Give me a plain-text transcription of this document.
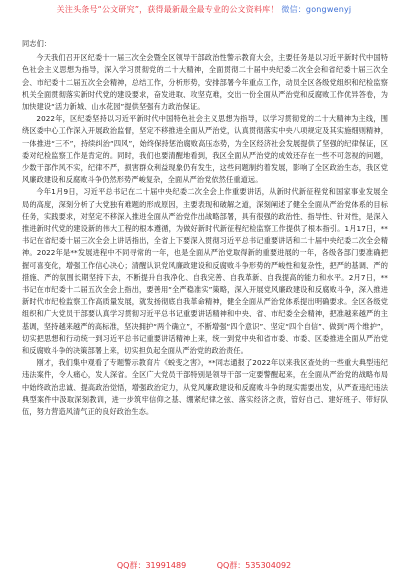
关注头条号“公文研究”，获得最新最全最专业的公文资料库！ 微信：gongwenyj

同志们：

今天我们召开区纪委十一届三次全会暨全区领导干部政治性警示教育大会，主要任务是以习近平新时代中国特色社会主义思想为指导，深入学习贯彻党的二十大精神，全面贯彻二十届中央纪委二次全会和省纪委十届三次全会、市纪委十二届五次全会精神，总结工作，分析形势，安排部署今年重点工作，动员全区各级党组织和纪检监察机关全面贯彻落实新时代党的建设要求，奋发进取、攻坚克难，交出一份全面从严治党和反腐败工作优异答卷，为加快建设“活力新城、山水花园”提供坚强有力政治保证。

2022年，区纪委坚持以习近平新时代中国特色社会主义思想为指导，以学习贯彻党的二十大精神为主线，围绕区委中心工作深入开展政治监督，坚定不移推进全面从严治党，认真贯彻落实中央八项规定及其实施细则精神，一体推进“三不”，持续纠治“四风”，始终保持惩治腐败高压态势，为全区经济社会发展提供了坚强的纪律保证，区委对纪检监察工作是肯定的。同时，我们也要清醒地看到，我区全面从严治党的成效还存在一些不可忽视的问题，少数干部作风不实，纪律不严，损害群众利益现象仍有发生，这些问题制约着发展，影响了全区政治生态，我区党风廉政建设和反腐败斗争仍然形势严峻复杂，全面从严治党依然任重道远。

今年1月9日，习近平总书记在二十届中央纪委二次全会上作重要讲话，从新时代新征程党和国家事业发展全局的高度，深刻分析了大党独有难题的形成原因，主要表现和破解之道，深刻阐述了健全全面从严治党体系的目标任务，实践要求，对坚定不移深入推进全面从严治党作出战略部署，具有很强的政治性、指导性、针对性，是深入推进新时代党的建设新的伟大工程的根本遵循，为做好新时代新征程纪检监察工作提供了根本指引。1月17日，**书记在省纪委十届三次全会上讲话指出，全省上下要深入贯彻习近平总书记重要讲话和二十届中央纪委二次全会精神。2022年是**发展进程中不同寻常的一年，也是全面从严治党取得新的重要进展的一年，各级各部门要准确把握可喜变化，增强工作信心决心；清醒认识党风廉政建设和反腐败斗争形势的严峻性和复杂性，把严的基调、严的措施、严的氛围长期坚持下去，不断提升自我净化、自我完善、自我革新、自我提高的能力和水平。2月7日，**书记在市纪委十二届五次全会上指出，要善用“全严稳准实”策略，深入开展党风廉政建设和反腐败斗争，深入推进新时代市纪检监察工作高质量发展，就发扬彻底自我革命精神，健全全面从严治党体系提出明确要求。全区各级党组织和广大党员干部要认真学习贯彻习近平总书记重要讲话精神和中央、省、市纪委全会精神，把准越来越严的主基调，坚持越来越严的高标准，坚决拥护“两个确立”，不断增强“四个意识”、坚定“四个自信”、做到“两个维护”，切实把思想和行动统一到习近平总书记重要讲话精神上来，统一到党中央和省市委、市委、区委推进全面从严治党和反腐败斗争的决策部署上来，切实担负起全面从严治党的政治责任。

刚才，我们集中观看了专题警示教育片《蜕变之害》，**同志通报了2022年以来我区查处的一些重大典型违纪违法案件，令人痛心，发人深省。全区广大党员干部特别是领导干部一定要警醒起来，在全面从严治党的战略布局中始终政治忠诚、提高政治觉悟，增强政治定力，从党风廉政建设和反腐败斗争的现实需要出发，从严查违纪违法典型案件中汲取深刻教训，进一步筑牢信仰之基、绷紧纪律之弦、落实经济之责，管好自己、建好班子、带好队伍，努力营造风清气正的良好政治生态。

QQ群：31991489	QQ群：535304092
